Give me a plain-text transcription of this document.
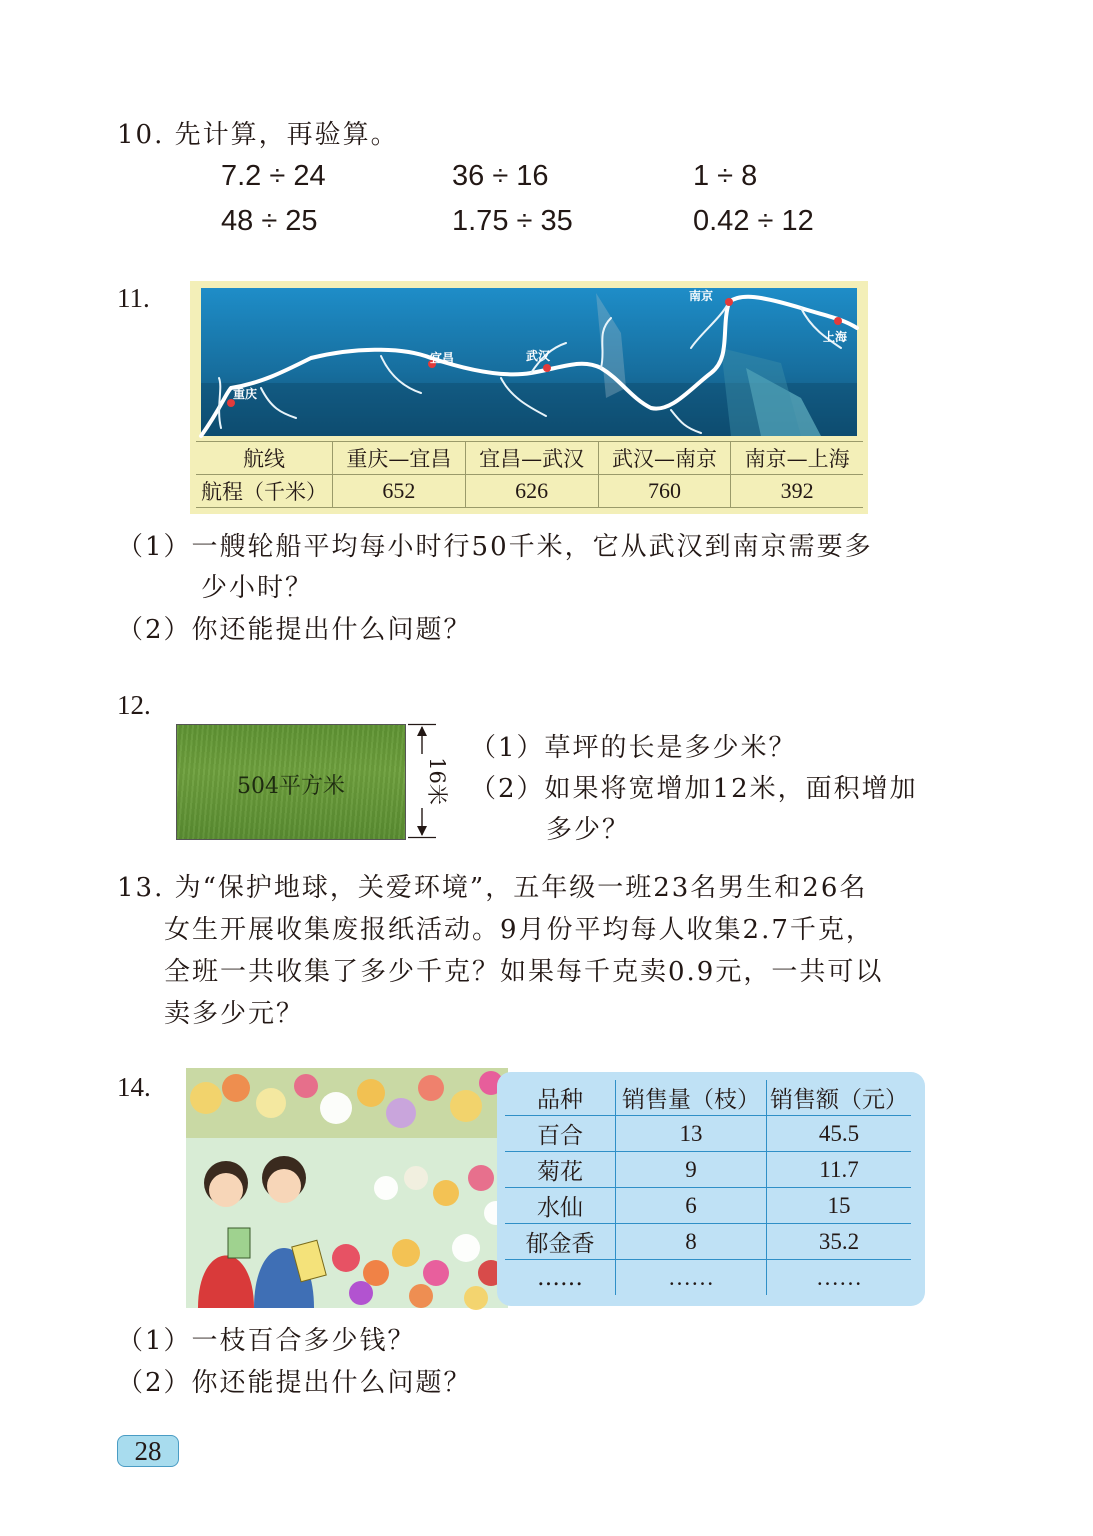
10. 先计算，再验算。
7.2 ÷ 24	36 ÷ 16	1 ÷ 8
48 ÷ 25	1.75 ÷ 35	0.42 ÷ 12
11.	南京
上海
宜昌	武汉
重庆
航线	重庆—宜昌	宜昌—武汉	武汉—南京	南京—上海
航程（千米）	652	626	760	392
（1）一艘轮船平均每小时行50千米，它从武汉到南京需要多
少小时？
（2）你还能提出什么问题？
12.
504平方米	16米
（1）草坪的长是多少米？
（2）如果将宽增加12米，面积增加
多少？
13. 为“保护地球，关爱环境”，五年级一班23名男生和26名
女生开展收集废报纸活动。9月份平均每人收集2.7千克，
全班一共收集了多少千克？如果每千克卖0.9元，一共可以
卖多少元？
14.	品种	销售量（枝）	销售额（元）
百合	13	45.5
菊花	9	11.7
水仙	6	15
郁金香	8	35.2
……	……	……
（1）一枝百合多少钱？
（2）你还能提出什么问题？
28
